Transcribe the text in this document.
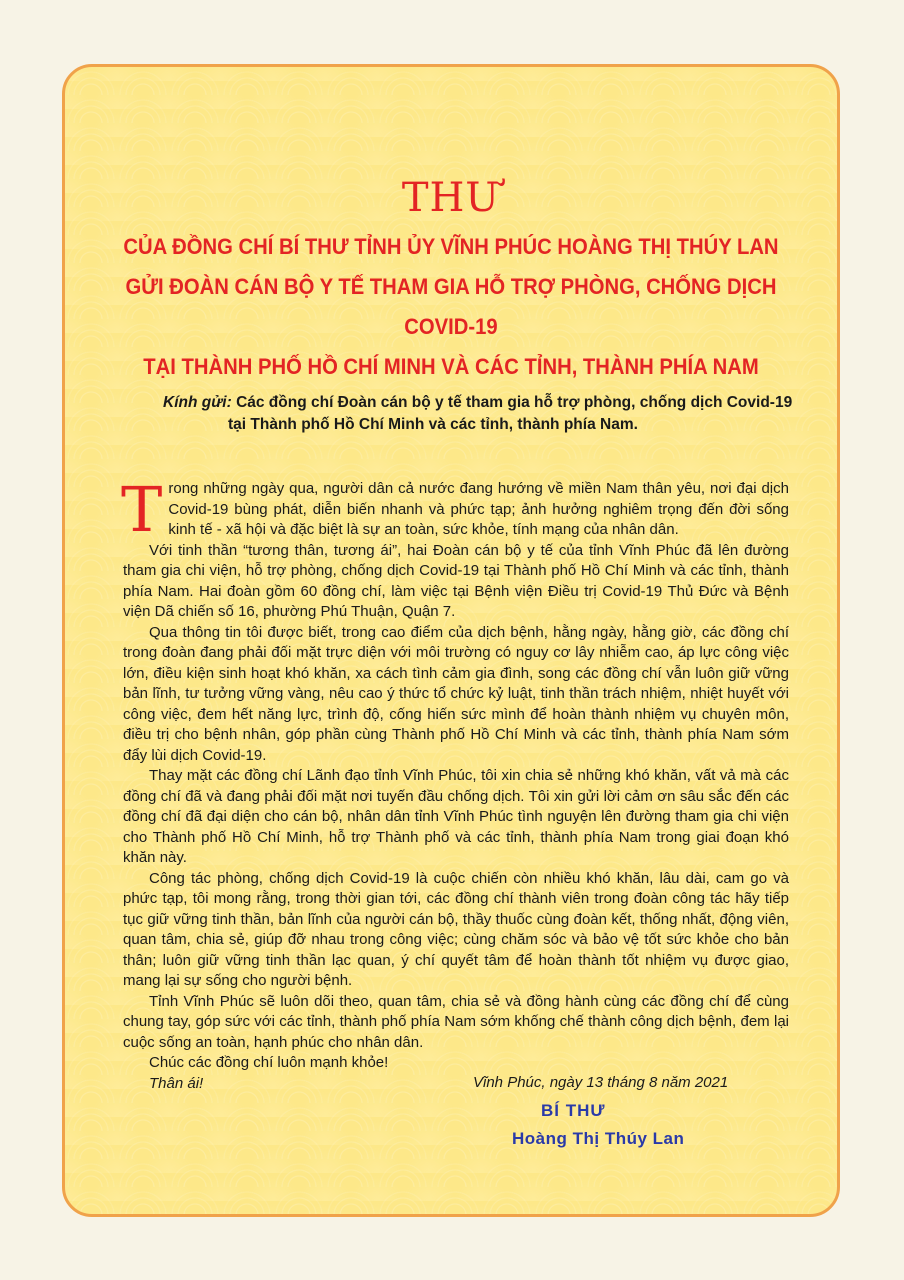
THƯ
CỦA ĐỒNG CHÍ BÍ THƯ TỈNH ỦY VĨNH PHÚC HOÀNG THỊ THÚY LAN
GỬI ĐOÀN CÁN BỘ Y TẾ THAM GIA HỖ TRỢ PHÒNG, CHỐNG DỊCH COVID-19
TẠI THÀNH PHỐ HỒ CHÍ MINH VÀ CÁC TỈNH, THÀNH PHÍA NAM
Kính gửi: Các đồng chí Đoàn cán bộ y tế tham gia hỗ trợ phòng, chống dịch Covid-19
tại Thành phố Hồ Chí Minh và các tỉnh, thành phía Nam.

Trong những ngày qua, người dân cả nước đang hướng về miền Nam thân yêu, nơi đại dịch Covid-19 bùng phát, diễn biến nhanh và phức tạp; ảnh hưởng nghiêm trọng đến đời sống kinh tế - xã hội và đặc biệt là sự an toàn, sức khỏe, tính mạng của nhân dân.

Với tinh thần “tương thân, tương ái”, hai Đoàn cán bộ y tế của tỉnh Vĩnh Phúc đã lên đường tham gia chi viện, hỗ trợ phòng, chống dịch Covid-19 tại Thành phố Hồ Chí Minh và các tỉnh, thành phía Nam. Hai đoàn gồm 60 đồng chí, làm việc tại Bệnh viện Điều trị Covid-19 Thủ Đức và Bệnh viện Dã chiến số 16, phường Phú Thuận, Quận 7.

Qua thông tin tôi được biết, trong cao điểm của dịch bệnh, hằng ngày, hằng giờ, các đồng chí trong đoàn đang phải đối mặt trực diện với môi trường có nguy cơ lây nhiễm cao, áp lực công việc lớn, điều kiện sinh hoạt khó khăn, xa cách tình cảm gia đình, song các đồng chí vẫn luôn giữ vững bản lĩnh, tư tưởng vững vàng, nêu cao ý thức tổ chức kỷ luật, tinh thần trách nhiệm, nhiệt huyết với công việc, đem hết năng lực, trình độ, cống hiến sức mình để hoàn thành nhiệm vụ chuyên môn, điều trị cho bệnh nhân, góp phần cùng Thành phố Hồ Chí Minh và các tỉnh, thành phía Nam sớm đẩy lùi dịch Covid-19.

Thay mặt các đồng chí Lãnh đạo tỉnh Vĩnh Phúc, tôi xin chia sẻ những khó khăn, vất vả mà các đồng chí đã và đang phải đối mặt nơi tuyến đầu chống dịch. Tôi xin gửi lời cảm ơn sâu sắc đến các đồng chí đã đại diện cho cán bộ, nhân dân tỉnh Vĩnh Phúc tình nguyện lên đường tham gia chi viện cho Thành phố Hồ Chí Minh, hỗ trợ Thành phố và các tỉnh, thành phía Nam trong giai đoạn khó khăn này.

Công tác phòng, chống dịch Covid-19 là cuộc chiến còn nhiều khó khăn, lâu dài, cam go và phức tạp, tôi mong rằng, trong thời gian tới, các đồng chí thành viên trong đoàn công tác hãy tiếp tục giữ vững tinh thần, bản lĩnh của người cán bộ, thầy thuốc cùng đoàn kết, thống nhất, động viên, quan tâm, chia sẻ, giúp đỡ nhau trong công việc; cùng chăm sóc và bảo vệ tốt sức khỏe cho bản thân; luôn giữ vững tinh thần lạc quan, ý chí quyết tâm để hoàn thành tốt nhiệm vụ được giao, mang lại sự sống cho người bệnh.

Tỉnh Vĩnh Phúc sẽ luôn dõi theo, quan tâm, chia sẻ và đồng hành cùng các đồng chí để cùng chung tay, góp sức với các tỉnh, thành phố phía Nam sớm khống chế thành công dịch bệnh, đem lại cuộc sống an toàn, hạnh phúc cho nhân dân.

Chúc các đồng chí luôn mạnh khỏe!

Thân ái!	Vĩnh Phúc, ngày 13 tháng 8 năm 2021
BÍ THƯ
Hoàng Thị Thúy Lan
